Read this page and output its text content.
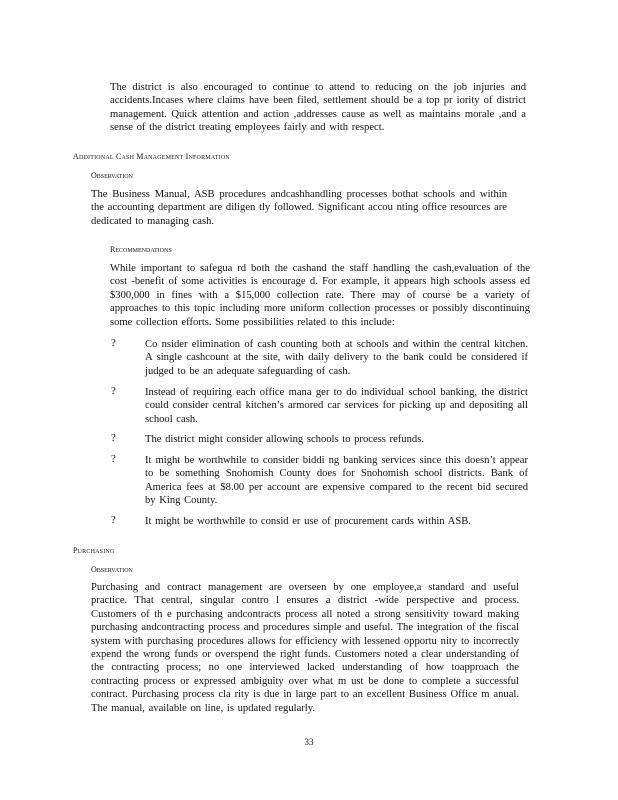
The district is also encouraged to continue to attend to reducing on the job injuries and accidents.Incases where claims have been filed, settlement should be a top pr iority of district management. Quick attention and action ,addresses cause as well as maintains morale ,and a sense of the district treating employees fairly and with respect.

Additional Cash Management Information
Observation

The Business Manual, ASB procedures andcashhandling processes bothat schools and within the accounting department are diligen tly followed. Significant accou nting office resources are dedicated to managing cash.

Recommendations

While important to safegua rd both the cashand the staff handling the cash,evaluation of the cost -benefit of some activities is encourage d. For example, it appears high schools assess ed $300,000 in fines with a $15,000 collection rate. There may of course be a variety of approaches to this topic including more uniform collection processes or possibly discontinuing some collection efforts. Some possibilities related to this include:

?	Co nsider elimination of cash counting both at schools and within the central kitchen. A single cashcount at the site, with daily delivery to the bank could be considered if judged to be an adequate safeguarding of cash.

?	Instead of requiring each office mana ger to do individual school banking, the district could consider central kitchen’s armored car services for picking up and depositing all school cash.

?	The district might consider allowing schools to process refunds.

?	It might be worthwhile to consider biddi ng banking services since this doesn’t appear to be something Snohomish County does for Snohomish school districts. Bank of America fees at $8.00 per account are expensive compared to the recent bid secured by King County.

?	It might be worthwhile to consid er use of procurement cards within ASB.

Purchasing
Observation

Purchasing and contract management are overseen by one employee,a standard and useful practice. That central, singular contro l ensures a district -wide perspective and process. Customers of th e purchasing andcontracts process all noted a strong sensitivity toward making purchasing andcontracting process and procedures simple and useful. The integration of the fiscal system with purchasing procedures allows for efficiency with lessened opportu nity to incorrectly expend the wrong funds or overspend the right funds. Customers noted a clear understanding of the contracting process; no one interviewed lacked understanding of how toapproach the contracting process or expressed ambiguity over what m ust be done to complete a successful contract. Purchasing process cla rity is due in large part to an excellent Business Office m anual. The manual, available on line, is updated regularly.

33
